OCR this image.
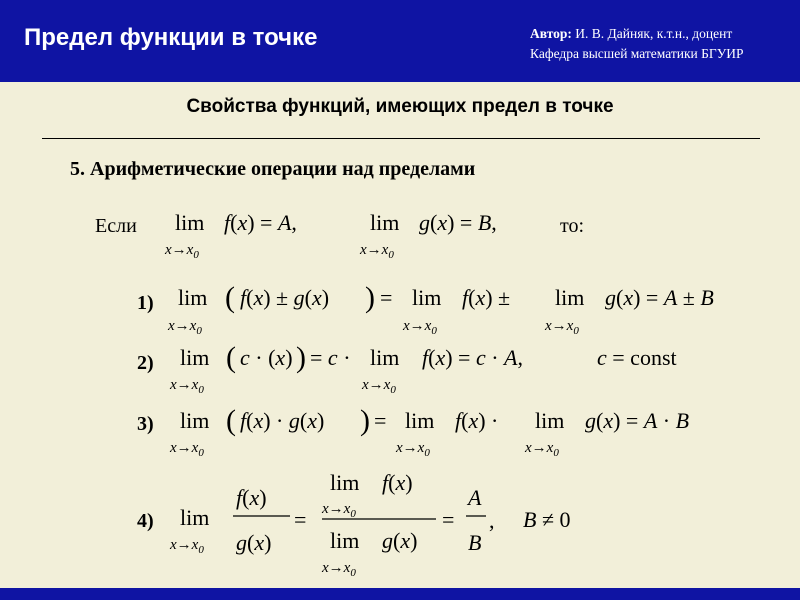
Предел функции в точке	Автор: И. В. Дайняк, к.т.н., доцент
Кафедра высшей математики БГУИР
Свойства функций, имеющих предел в точке
5. Арифметические операции над пределами
Если	то:
1)
2)
3)
4)
lim
$x\to x_0$
f(x) = A,	lim
$x\to x_0$
g(x) = B,
lim
$x\to x_0$
( f(x) ± g(x) ) = lim
$x\to x_0$
f(x) ± lim
$x\to x_0$
g(x) = A ± B
lim
$x\to x_0$
( c · (x) ) = c · lim
$x\to x_0$
f(x) = c · A,	c = const
lim
$x\to x_0$
( f(x) · g(x) ) = lim
$x\to x_0$
f(x) · lim
$x\to x_0$
g(x) = A · B
lim
$x\to x_0$
f(x)
g(x)
=
lim
$x\to x_0$
f(x)
lim
$x\to x_0$
g(x)
=
A
B
, B ≠ 0
